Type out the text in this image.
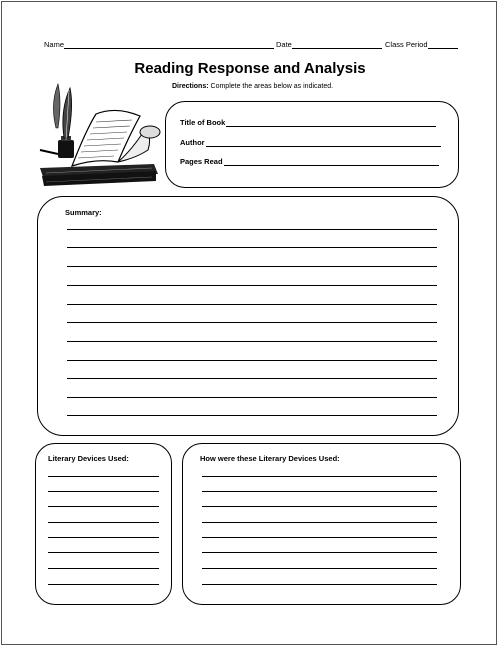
Name	Date	Class Period
Reading Response and Analysis
Directions: Complete the areas below as indicated.
Title of Book
Author
Pages Read
Summary:
Literary Devices Used:	How were these Literary Devices Used:
